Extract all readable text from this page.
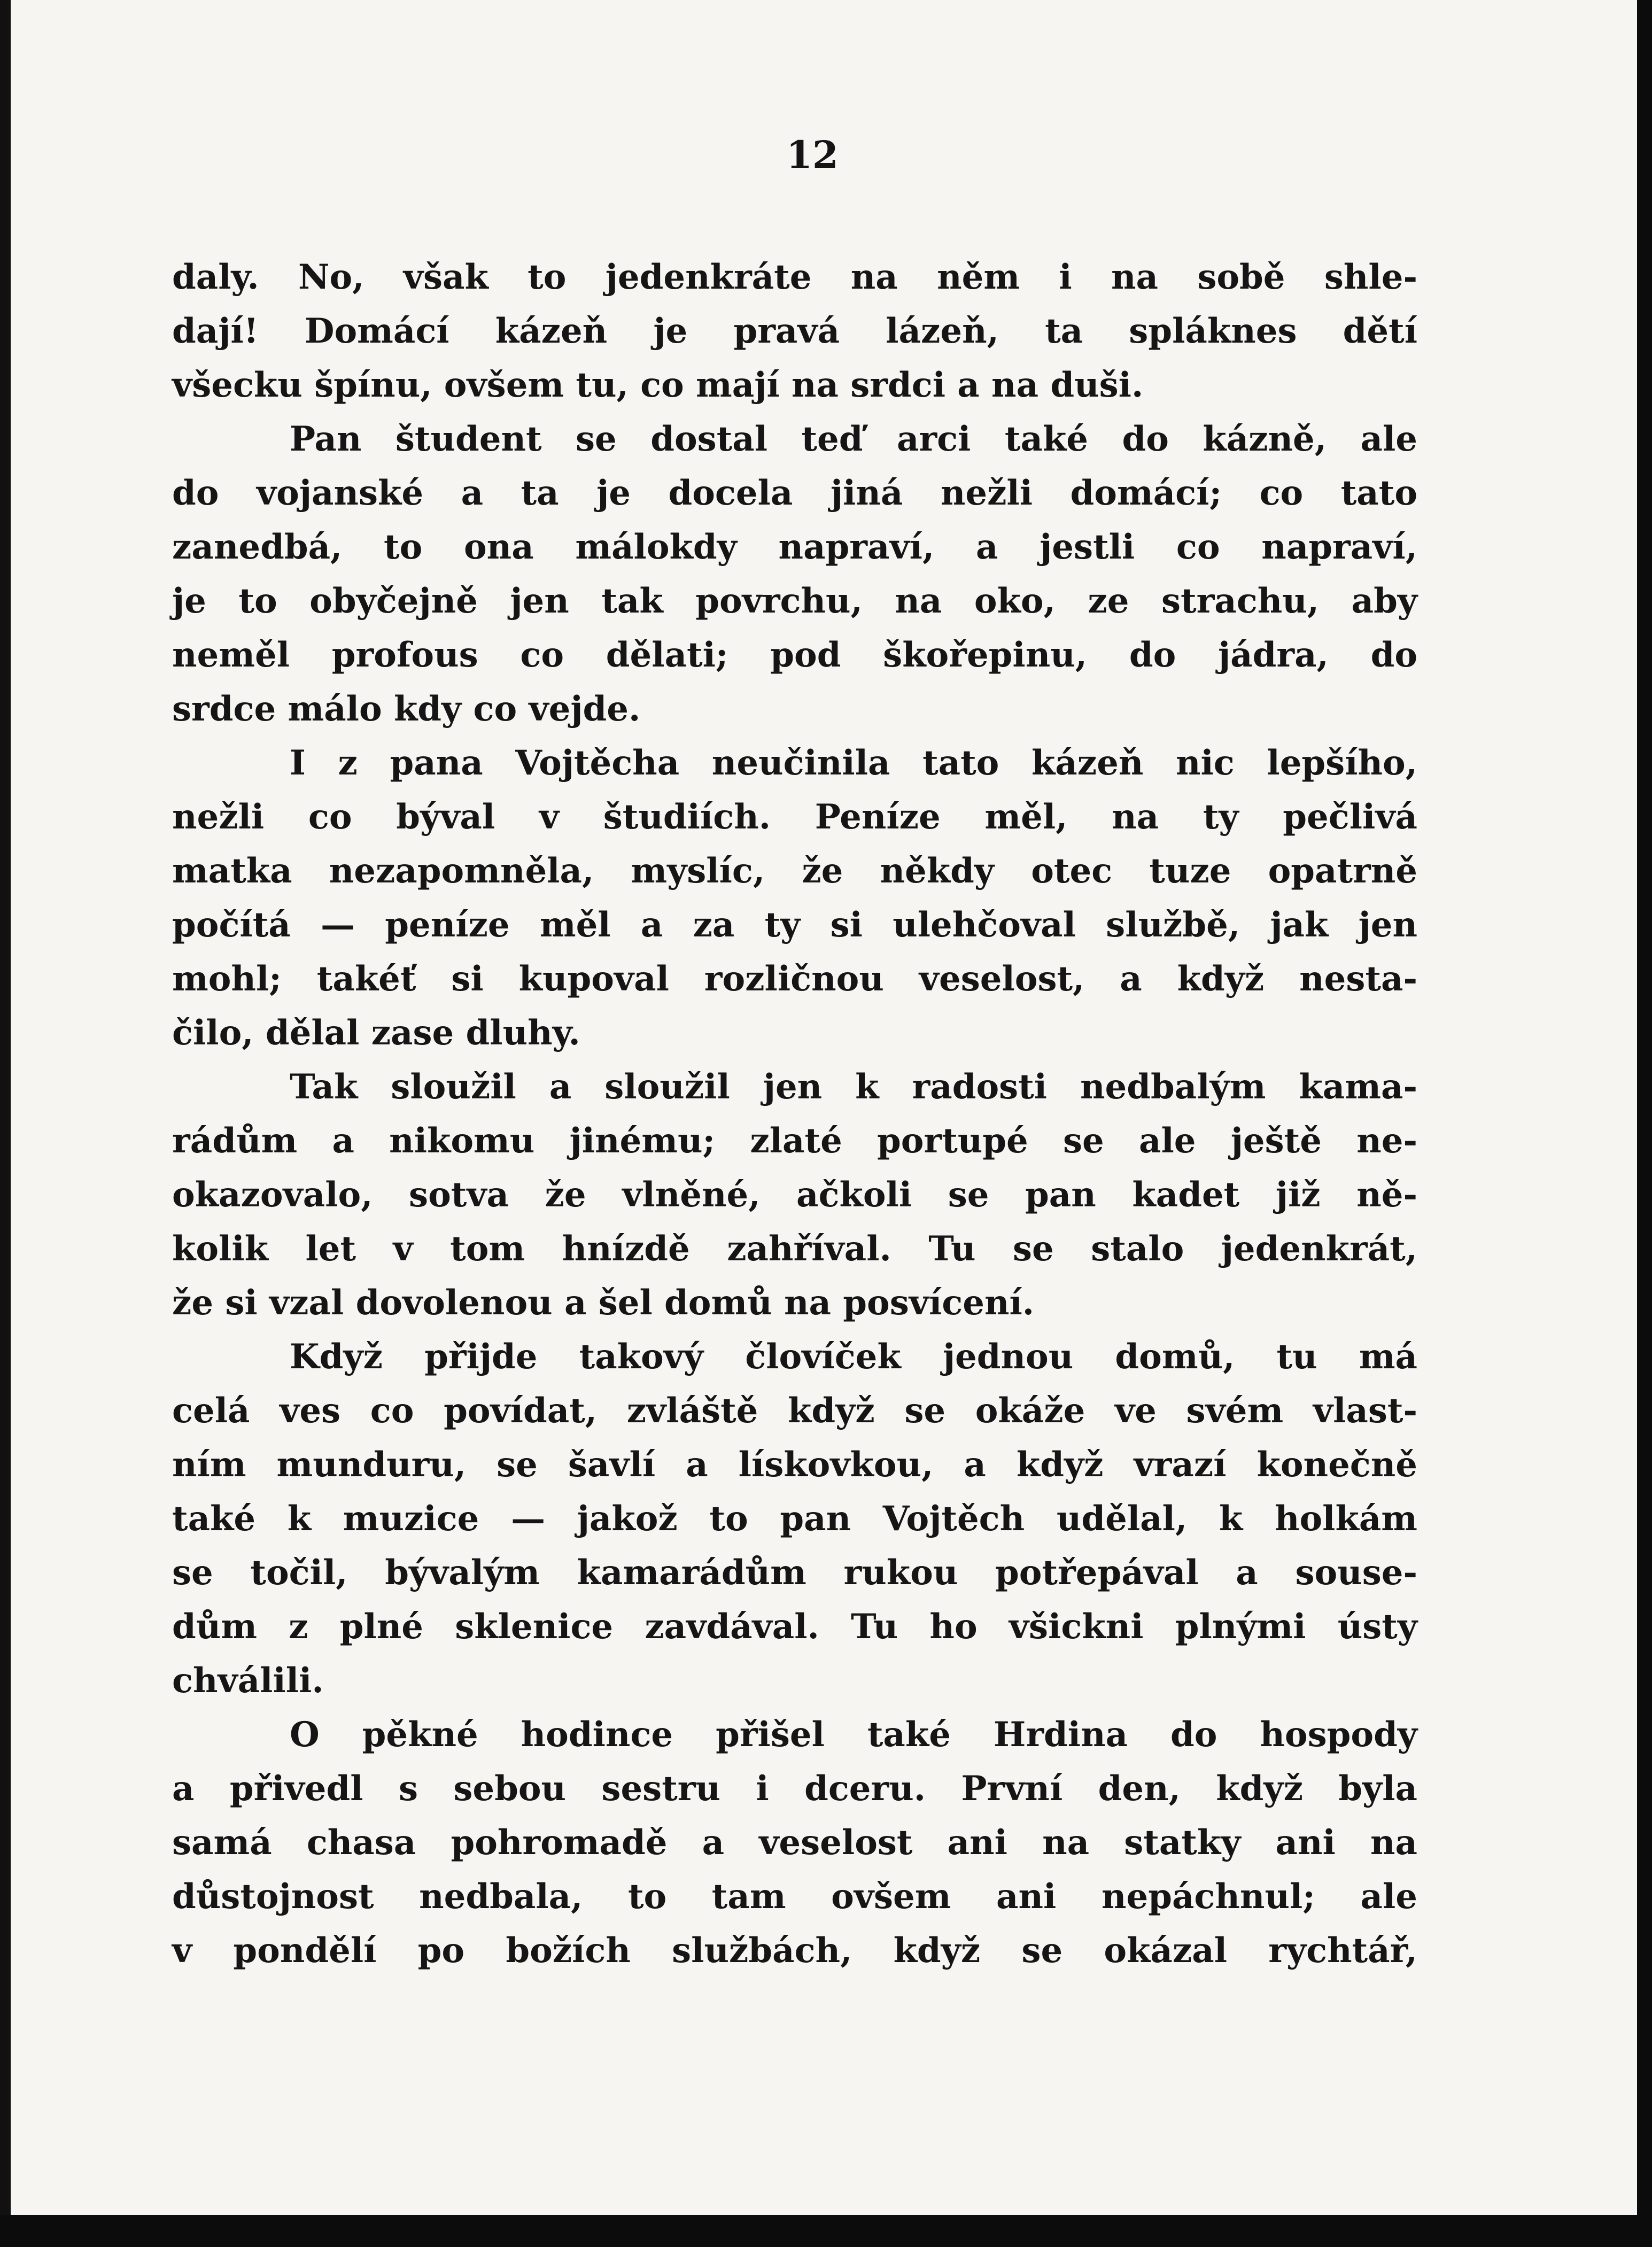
12
daly. No, však to jedenkráte na něm i na sobě shle-
dají! Domácí kázeň je pravá lázeň, ta spláknes dětí
všecku špínu, ovšem tu, co mají na srdci a na duši.
Pan študent se dostal teď arci také do kázně, ale
do vojanské a ta je docela jiná nežli domácí; co tato
zanedbá, to ona málokdy napraví, a jestli co napraví,
je to obyčejně jen tak povrchu, na oko, ze strachu, aby
neměl profous co dělati; pod škořepinu, do jádra, do
srdce málo kdy co vejde.
I z pana Vojtěcha neučinila tato kázeň nic lepšího,
nežli co býval v študiích. Peníze měl, na ty pečlivá
matka nezapomněla, myslíc, že někdy otec tuze opatrně
počítá — peníze měl a za ty si ulehčoval službě, jak jen
mohl; takéť si kupoval rozličnou veselost, a když nesta-
čilo, dělal zase dluhy.
Tak sloužil a sloužil jen k radosti nedbalým kama-
rádům a nikomu jinému; zlaté portupé se ale ještě ne-
okazovalo, sotva že vlněné, ačkoli se pan kadet již ně-
kolik let v tom hnízdě zahříval. Tu se stalo jedenkrát,
že si vzal dovolenou a šel domů na posvícení.
Když přijde takový človíček jednou domů, tu má
celá ves co povídat, zvláště když se okáže ve svém vlast-
ním munduru, se šavlí a lískovkou, a když vrazí konečně
také k muzice — jakož to pan Vojtěch udělal, k holkám
se točil, bývalým kamarádům rukou potřepával a souse-
dům z plné sklenice zavdával. Tu ho všickni plnými ústy
chválili.
O pěkné hodince přišel také Hrdina do hospody
a přivedl s sebou sestru i dceru. První den, když byla
samá chasa pohromadě a veselost ani na statky ani na
důstojnost nedbala, to tam ovšem ani nepáchnul; ale
v pondělí po božích službách, když se okázal rychtář,
